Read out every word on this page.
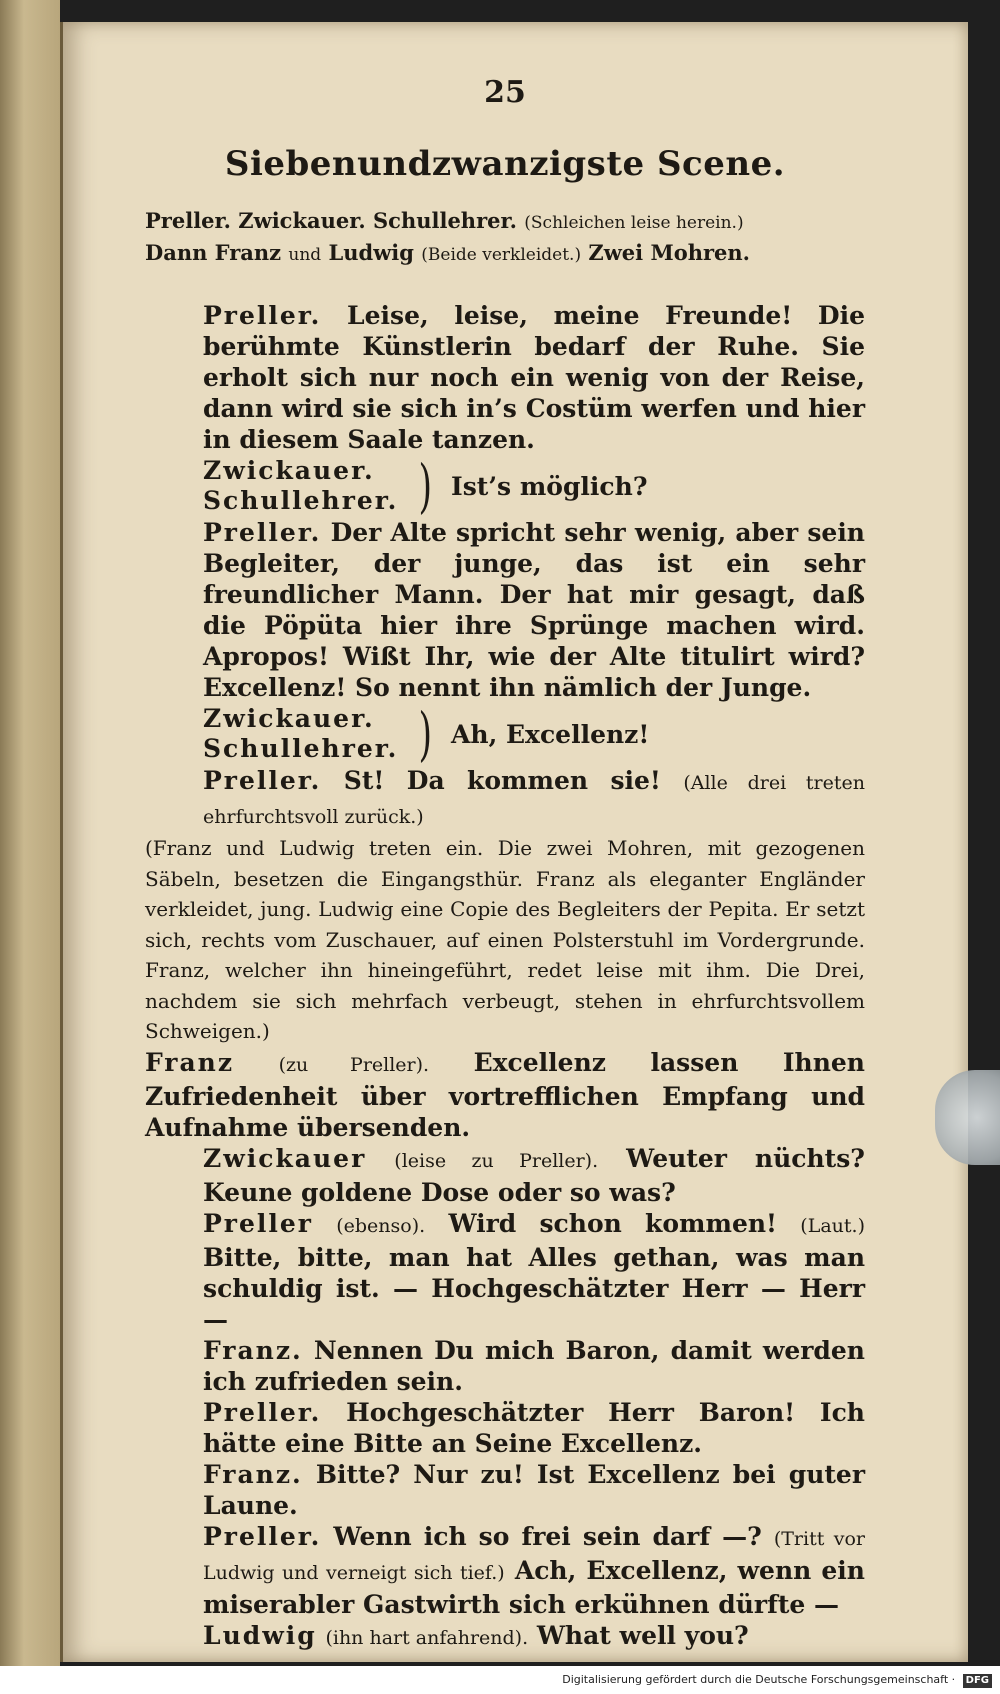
25
Siebenundzwanzigste Scene.
Preller. Zwickauer. Schullehrer. (Schleichen leise herein.)
Dann Franz und Ludwig (Beide verkleidet.) Zwei Mohren.

Preller. Leise, leise, meine Freunde! Die berühmte Künstlerin bedarf der Ruhe. Sie erholt sich nur noch ein wenig von der Reise, dann wird sie sich in’s Costüm werfen und hier in diesem Saale tanzen.

Zwickauer.
Schullehrer. ) Ist’s möglich?

Preller. Der Alte spricht sehr wenig, aber sein Begleiter, der junge, das ist ein sehr freundlicher Mann. Der hat mir gesagt, daß die Pöpüta hier ihre Sprünge machen wird. Apropos! Wißt Ihr, wie der Alte titulirt wird? Excellenz! So nennt ihn nämlich der Junge.

Zwickauer.
Schullehrer. ) Ah, Excellenz!

Preller. St! Da kommen sie! (Alle drei treten ehrfurchtsvoll zurück.)

(Franz und Ludwig treten ein. Die zwei Mohren, mit gezogenen Säbeln, besetzen die Eingangsthür. Franz als eleganter Engländer verkleidet, jung. Ludwig eine Copie des Begleiters der Pepita. Er setzt sich, rechts vom Zuschauer, auf einen Polsterstuhl im Vordergrunde. Franz, welcher ihn hineingeführt, redet leise mit ihm. Die Drei, nachdem sie sich mehrfach verbeugt, stehen in ehrfurchtsvollem Schweigen.)

Franz (zu Preller). Excellenz lassen Ihnen Zufriedenheit über vortrefflichen Empfang und Aufnahme übersenden.

Zwickauer (leise zu Preller). Weuter nüchts? Keune goldene Dose oder so was?

Preller (ebenso). Wird schon kommen! (Laut.) Bitte, bitte, man hat Alles gethan, was man schuldig ist. — Hochgeschätzter Herr — Herr —

Franz. Nennen Du mich Baron, damit werden ich zufrieden sein.

Preller. Hochgeschätzter Herr Baron! Ich hätte eine Bitte an Seine Excellenz.

Franz. Bitte? Nur zu! Ist Excellenz bei guter Laune.

Preller. Wenn ich so frei sein darf —? (Tritt vor Ludwig und verneigt sich tief.) Ach, Excellenz, wenn ein miserabler Gastwirth sich erkühnen dürfte —

Ludwig (ihn hart anfahrend). What well you?

Digitalisierung gefördert durch die Deutsche Forschungsgemeinschaft · DFG
